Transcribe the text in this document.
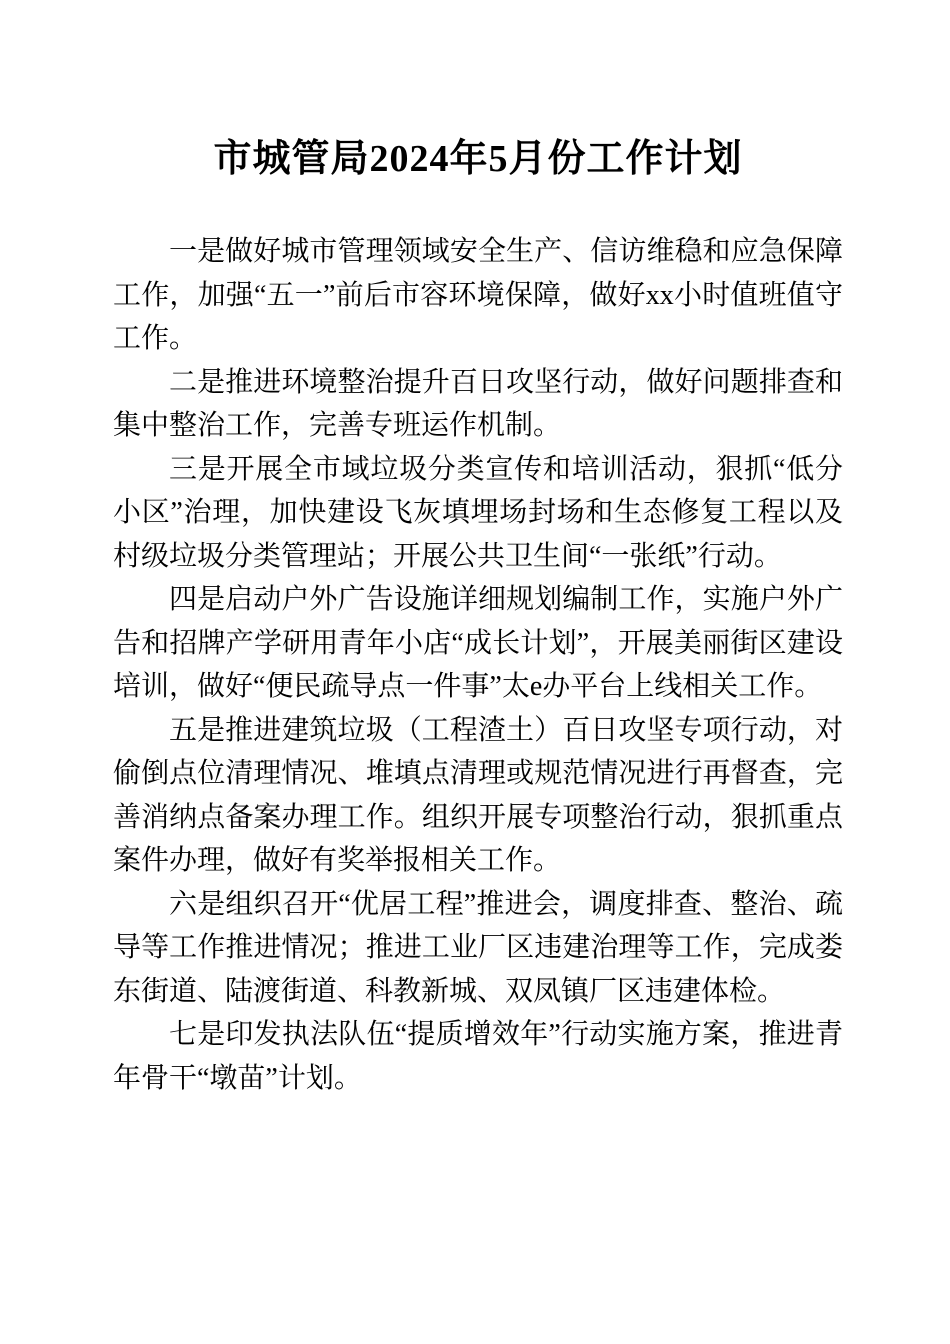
市城管局2024年5月份工作计划

一是做好城市管理领域安全生产、信访维稳和应急保障工作，加强“五一”前后市容环境保障，做好xx小时值班值守工作。

二是推进环境整治提升百日攻坚行动，做好问题排查和集中整治工作，完善专班运作机制。

三是开展全市域垃圾分类宣传和培训活动，狠抓“低分小区”治理，加快建设飞灰填埋场封场和生态修复工程以及村级垃圾分类管理站；开展公共卫生间“一张纸”行动。

四是启动户外广告设施详细规划编制工作，实施户外广告和招牌产学研用青年小店“成长计划”，开展美丽街区建设培训，做好“便民疏导点一件事”太e办平台上线相关工作。

五是推进建筑垃圾（工程渣土）百日攻坚专项行动，对偷倒点位清理情况、堆填点清理或规范情况进行再督查，完善消纳点备案办理工作。组织开展专项整治行动，狠抓重点案件办理，做好有奖举报相关工作。

六是组织召开“优居工程”推进会，调度排查、整治、疏导等工作推进情况；推进工业厂区违建治理等工作，完成娄东街道、陆渡街道、科教新城、双凤镇厂区违建体检。

七是印发执法队伍“提质增效年”行动实施方案，推进青年骨干“墩苗”计划。
